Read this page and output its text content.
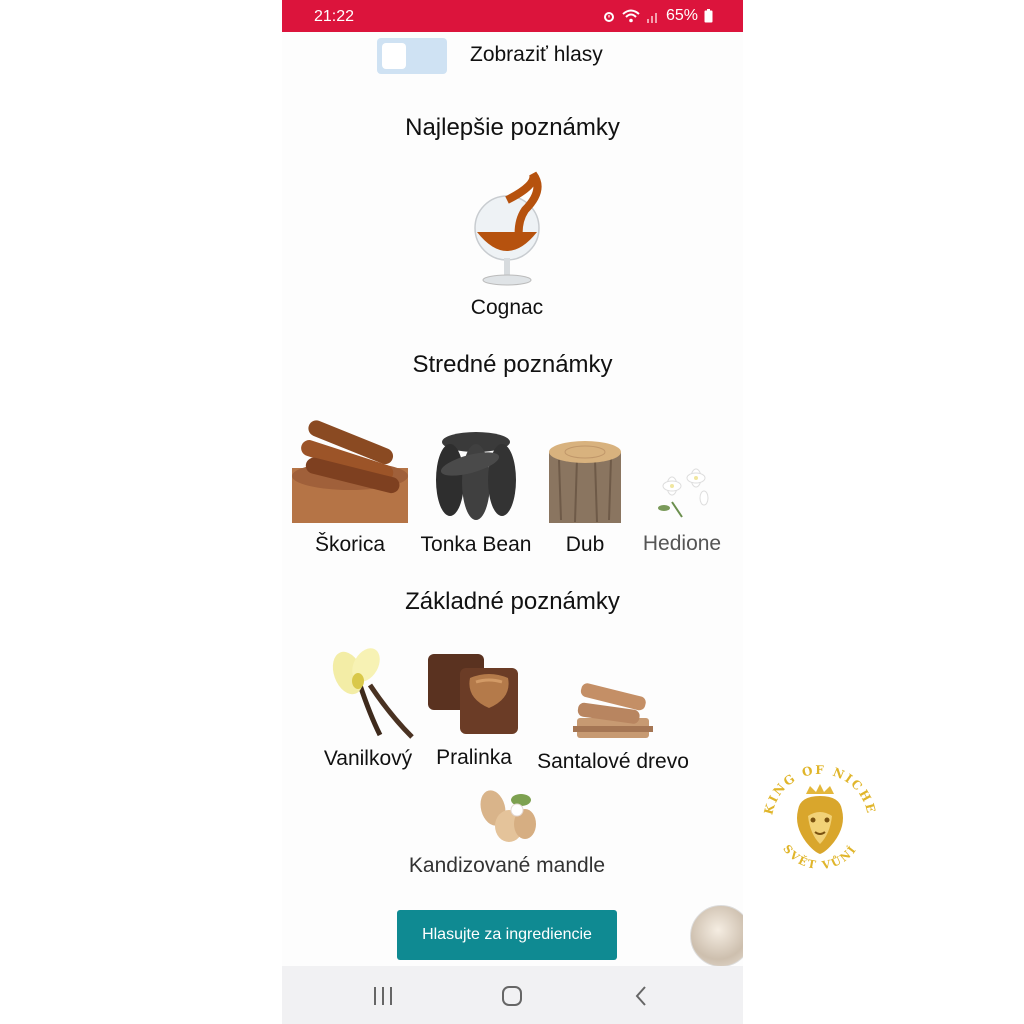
21:22	65%
Zobraziť hlasy
Najlepšie poznámky
Cognac
Stredné poznámky
Škorica	Tonka Bean	Dub	Hedione
Základné poznámky
Vanilkový	Pralinka	Santalové drevo
Kandizované mandle
Hlasujte za ingrediencie
KING OF NICHE
SVĚT VŮNÍ
